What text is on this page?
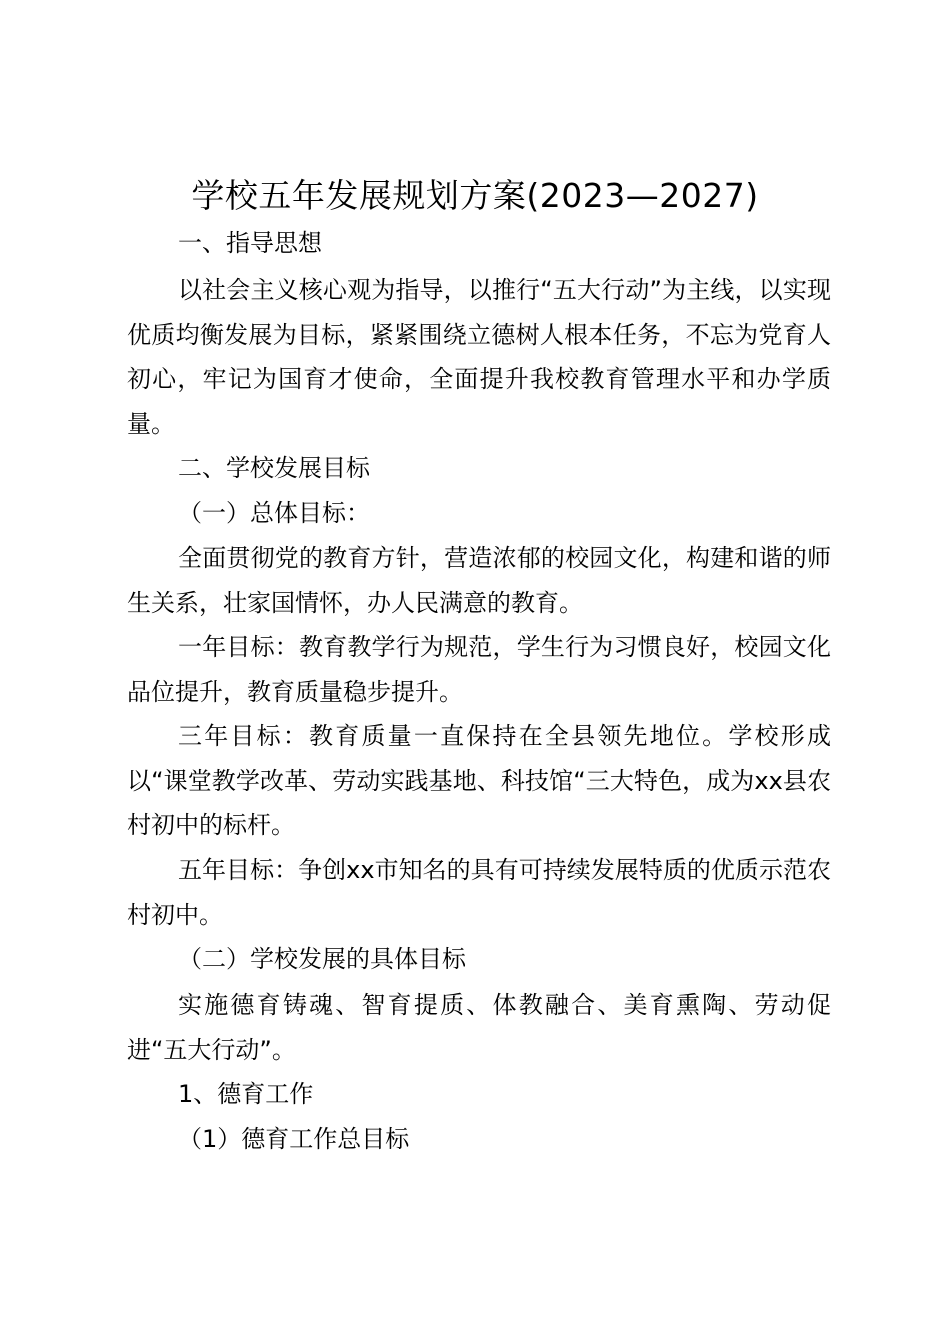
学校五年发展规划方案(2023—2027)

一、指导思想

以社会主义核心观为指导，以推行“五大行动”为主线，以实现优质均衡发展为目标，紧紧围绕立德树人根本任务，不忘为党育人初心，牢记为国育才使命，全面提升我校教育管理水平和办学质量。

二、学校发展目标

（一）总体目标：

全面贯彻党的教育方针，营造浓郁的校园文化，构建和谐的师生关系，壮家国情怀，办人民满意的教育。

一年目标：教育教学行为规范，学生行为习惯良好，校园文化品位提升，教育质量稳步提升。

三年目标：教育质量一直保持在全县领先地位。学校形成以“课堂教学改革、劳动实践基地、科技馆“三大特色，成为xx县农村初中的标杆。

五年目标：争创xx市知名的具有可持续发展特质的优质示范农村初中。

（二）学校发展的具体目标

实施德育铸魂、智育提质、体教融合、美育熏陶、劳动促进“五大行动”。

1、德育工作

（1）德育工作总目标
